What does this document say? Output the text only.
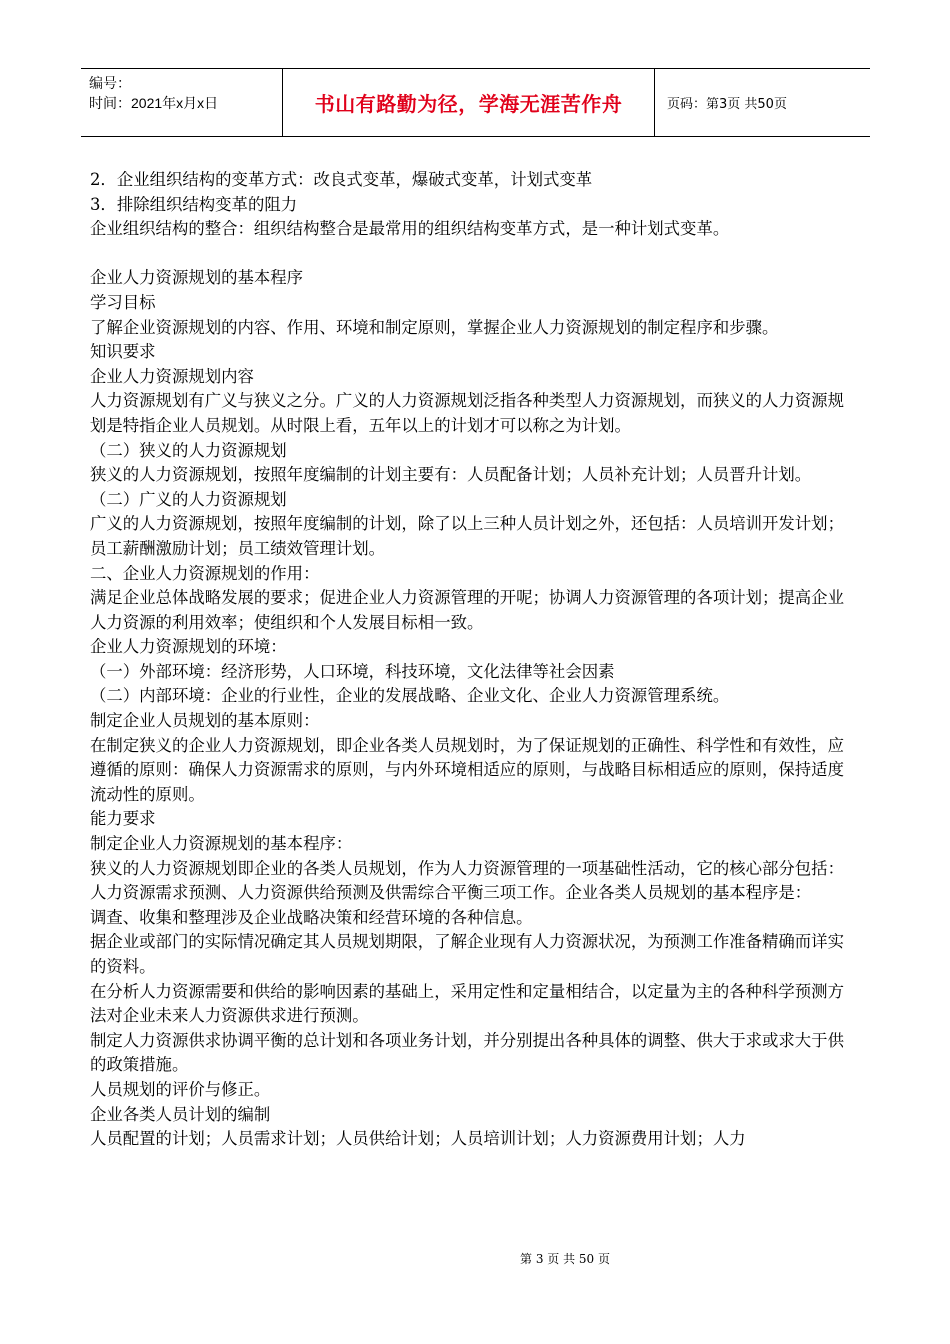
编号：
时间：2021年x月x日	书山有路勤为径，学海无涯苦作舟	页码：第3页 共50页

2．企业组织结构的变革方式：改良式变革，爆破式变革，计划式变革

3．排除组织结构变革的阻力

企业组织结构的整合：组织结构整合是最常用的组织结构变革方式，是一种计划式变革。

企业人力资源规划的基本程序

学习目标

了解企业资源规划的内容、作用、环境和制定原则，掌握企业人力资源规划的制定程序和步骤。

知识要求

企业人力资源规划内容

人力资源规划有广义与狭义之分。广义的人力资源规划泛指各种类型人力资源规划，而狭义的人力资源规划是特指企业人员规划。从时限上看，五年以上的计划才可以称之为计划。

（二）狭义的人力资源规划

狭义的人力资源规划，按照年度编制的计划主要有：人员配备计划；人员补充计划；人员晋升计划。

（二）广义的人力资源规划

广义的人力资源规划，按照年度编制的计划，除了以上三种人员计划之外，还包括：人员培训开发计划；员工薪酬激励计划；员工绩效管理计划。

二、企业人力资源规划的作用：

满足企业总体战略发展的要求；促进企业人力资源管理的开呢；协调人力资源管理的各项计划；提高企业人力资源的利用效率；使组织和个人发展目标相一致。

企业人力资源规划的环境：

（一）外部环境：经济形势，人口环境，科技环境，文化法律等社会因素

（二）内部环境：企业的行业性，企业的发展战略、企业文化、企业人力资源管理系统。

制定企业人员规划的基本原则：

在制定狭义的企业人力资源规划，即企业各类人员规划时，为了保证规划的正确性、科学性和有效性，应遵循的原则：确保人力资源需求的原则，与内外环境相适应的原则，与战略目标相适应的原则，保持适度流动性的原则。

能力要求

制定企业人力资源规划的基本程序：

狭义的人力资源规划即企业的各类人员规划，作为人力资源管理的一项基础性活动，它的核心部分包括：人力资源需求预测、人力资源供给预测及供需综合平衡三项工作。企业各类人员规划的基本程序是：

调查、收集和整理涉及企业战略决策和经营环境的各种信息。

据企业或部门的实际情况确定其人员规划期限，了解企业现有人力资源状况，为预测工作准备精确而详实的资料。

在分析人力资源需要和供给的影响因素的基础上，采用定性和定量相结合，以定量为主的各种科学预测方法对企业未来人力资源供求进行预测。

制定人力资源供求协调平衡的总计划和各项业务计划，并分别提出各种具体的调整、供大于求或求大于供的政策措施。

人员规划的评价与修正。

企业各类人员计划的编制

人员配置的计划；人员需求计划；人员供给计划；人员培训计划；人力资源费用计划；人力

第 3 页 共 50 页
